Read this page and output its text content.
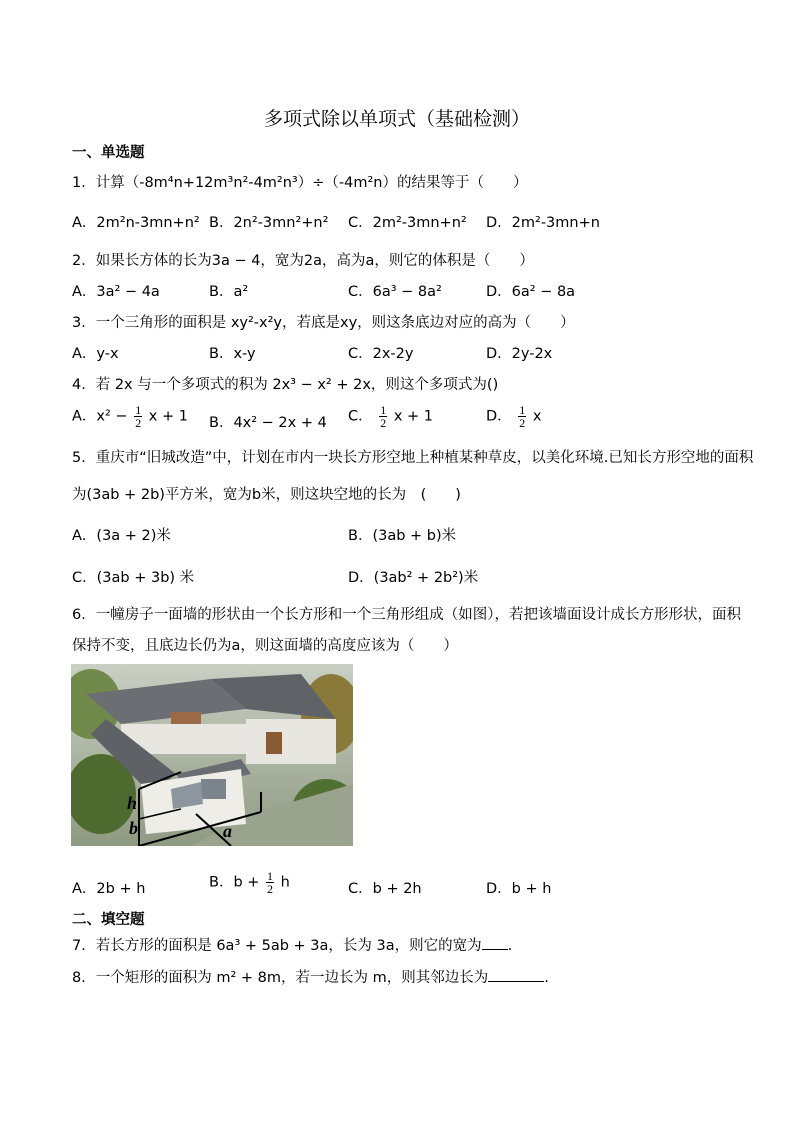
多项式除以单项式（基础检测）
一、单选题
1．计算（-8m⁴n+12m³n²-4m²n³）÷（-4m²n）的结果等于（　　）
A．2m²n-3mn+n² B．2n²-3mn²+n² C．2m²-3mn+n² D．2m²-3mn+n
2．如果长方体的长为3a − 4，宽为2a，高为a，则它的体积是（　　）
A．3a² − 4a	B．a²	C．6a³ − 8a²	D．6a² − 8a
3．一个三角形的面积是 xy²-x²y，若底是xy，则这条底边对应的高为（　　）
A．y-x	B．x-y	C．2x-2y	D．2y-2x
4．若 2x 与一个多项式的积为 2x³ − x² + 2x，则这个多项式为()
A．$x^2 - \frac{1}{2}$ x + 1 B．4x² − 2x + 4 C． $\frac{1}{2}$ x + 1	D． $\frac{1}{2}$ x
5．重庆市“旧城改造”中，计划在市内一块长方形空地上种植某种草皮，以美化环境.已知长方形空地的面积
为(3ab + 2b)平方米，宽为b米，则这块空地的长为　(　　)
A．(3a + 2)米	B．(3ab + b)米
C．(3ab + 3b) 米	D．(3ab² + 2b²)米
6．一幢房子一面墙的形状由一个长方形和一个三角形组成（如图），若把该墙面设计成长方形形状，面积
保持不变，且底边长仍为a，则这面墙的高度应该为（　　）
h
b	a
A．2b + h	B．$b + \frac{1}{2}$ h	C．b + 2h	D．b + h
二、填空题
7．若长方形的面积是 6a³ + 5ab + 3a，长为 3a，则它的宽为 .
8．一个矩形的面积为 m² + 8m，若一边长为 m，则其邻边长为	.
